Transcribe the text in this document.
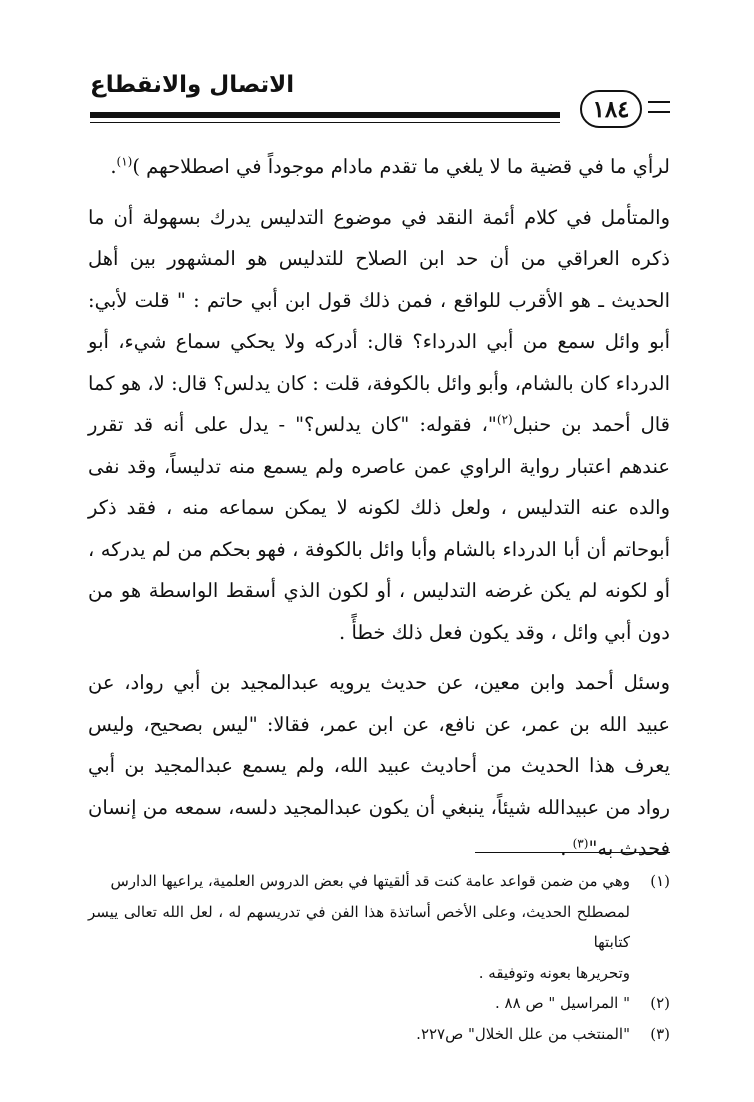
الاتصال والانقطاع
١٨٤

لرأي ما في قضية ما لا يلغي ما تقدم مادام موجوداً في اصطلاحهم )$^{(١)}$.

والمتأمل في كلام أئمة النقد في موضوع التدليس يدرك بسهولة أن ما ذكره العراقي من أن حد ابن الصلاح للتدليس هو المشهور بين أهل الحديث ـ هو الأقرب للواقع ، فمن ذلك قول ابن أبي حاتم : " قلت لأبي: أبو وائل سمع من أبي الدرداء؟ قال: أدركه ولا يحكي سماع شيء، أبو الدرداء كان بالشام، وأبو وائل بالكوفة، قلت : كان يدلس؟ قال: لا، هو كما قال أحمد بن حنبل$^{(٢)}$"، فقوله: "كان يدلس؟" - يدل على أنه قد تقرر عندهم اعتبار رواية الراوي عمن عاصره ولم يسمع منه تدليساً، وقد نفى والده عنه التدليس ، ولعل ذلك لكونه لا يمكن سماعه منه ، فقد ذكر أبوحاتم أن أبا الدرداء بالشام وأبا وائل بالكوفة ، فهو بحكم من لم يدركه ، أو لكونه لم يكن غرضه التدليس ، أو لكون الذي أسقط الواسطة هو من دون أبي وائل ، وقد يكون فعل ذلك خطأً .

وسئل أحمد وابن معين، عن حديث يرويه عبدالمجيد بن أبي رواد، عن عبيد الله بن عمر، عن نافع، عن ابن عمر، فقالا: "ليس بصحيح، وليس يعرف هذا الحديث من أحاديث عبيد الله، ولم يسمع عبدالمجيد بن أبي رواد من عبيدالله شيئاً، ينبغي أن يكون عبدالمجيد دلسه، سمعه من إنسان فحدث به"$^{(٣)}$ .

(١)وهي من ضمن قواعد عامة كنت قد ألقيتها في بعض الدروس العلمية، يراعيها الدارس

لمصطلح الحديث، وعلى الأخص أساتذة هذا الفن في تدريسهم له ، لعل الله تعالى ييسر كتابتها

وتحريرها بعونه وتوفيقه .

(٢)" المراسيل " ص ٨٨ .

(٣)"المنتخب من علل الخلال" ص٢٢٧.
